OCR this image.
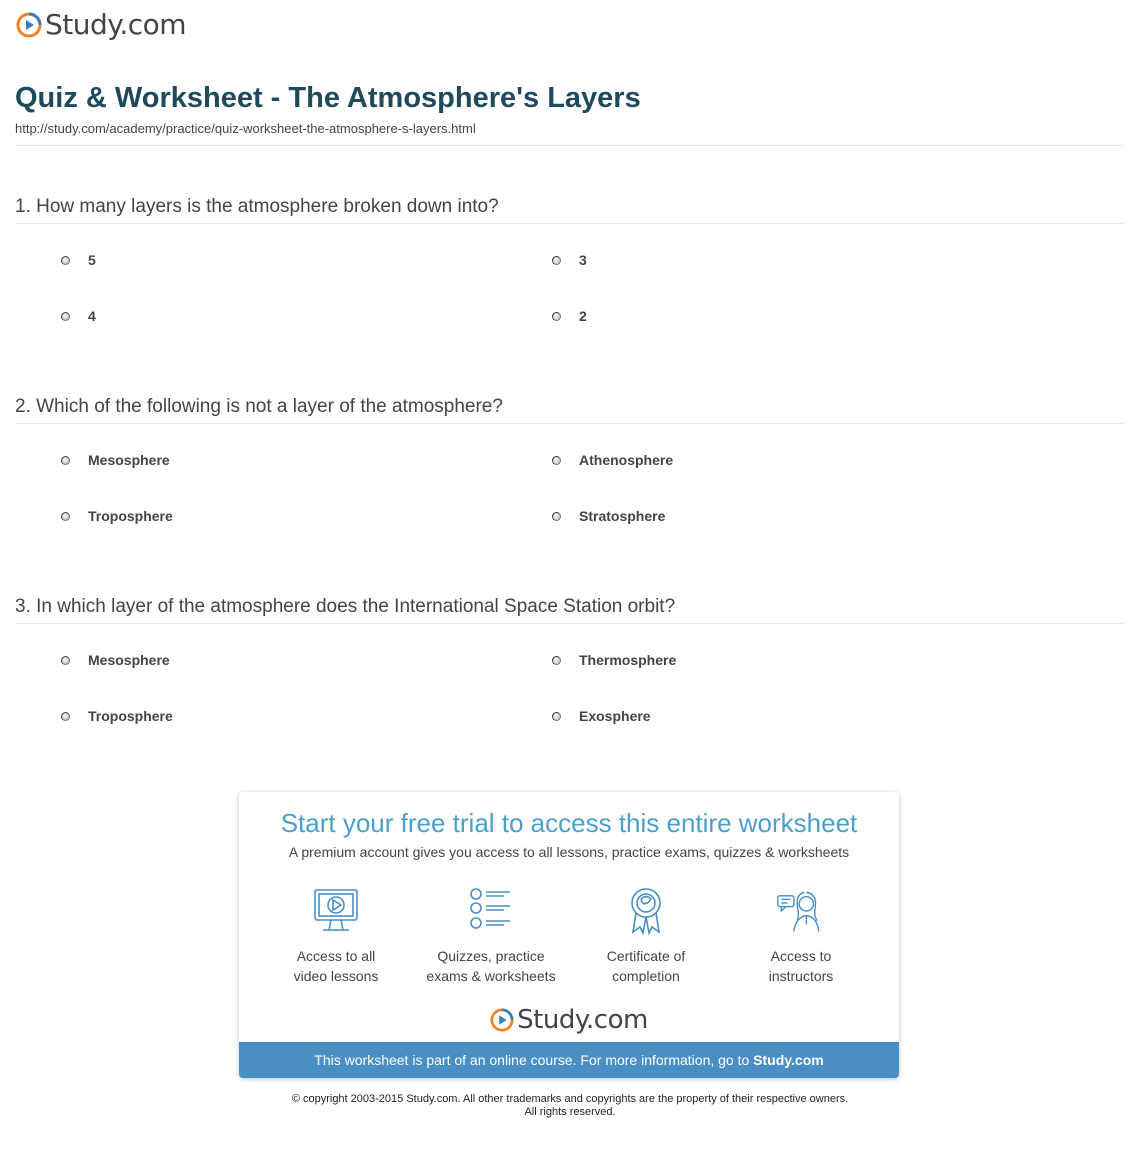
Study.com
Quiz & Worksheet - The Atmosphere's Layers
http://study.com/academy/practice/quiz-worksheet-the-atmosphere-s-layers.html
1. How many layers is the atmosphere broken down into?
5	3
4	2
2. Which of the following is not a layer of the atmosphere?
Mesosphere	Athenosphere
Troposphere	Stratosphere
3. In which layer of the atmosphere does the International Space Station orbit?
Mesosphere	Thermosphere
Troposphere	Exosphere
Start your free trial to access this entire worksheet
A premium account gives you access to all lessons, practice exams, quizzes & worksheets
Access to all
video lessons
Quizzes, practice
exams & worksheets
Certificate of
completion
Access to
instructors
Study.com
This worksheet is part of an online course. For more information, go to Study.com
© copyright 2003-2015 Study.com. All other trademarks and copyrights are the property of their respective owners.
All rights reserved.
